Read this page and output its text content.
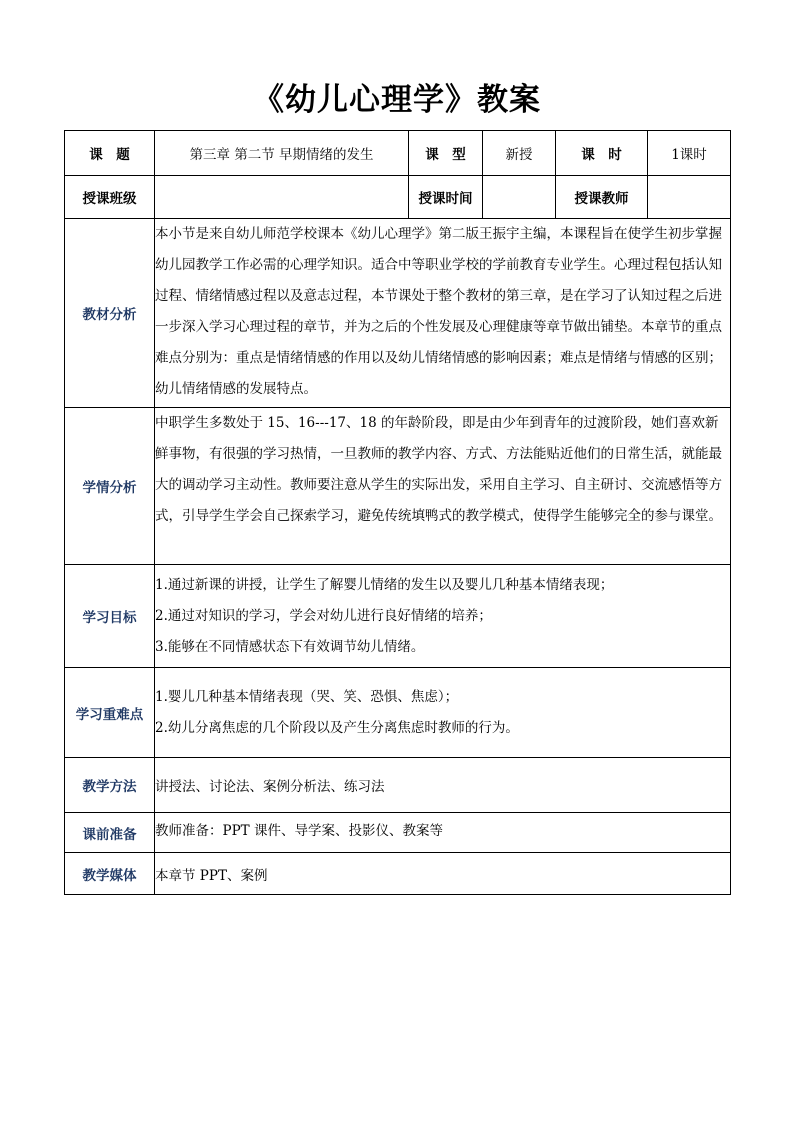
《幼儿心理学》教案
课　题	第三章 第二节 早期情绪的发生	课　型	新授	课　时	1课时
授课班级		授课时间		授课教师	
教材分析	本小节是来自幼儿师范学校课本《幼儿心理学》第二版王振宇主编，本课程旨在使学生初步掌握幼儿园教学工作必需的心理学知识。适合中等职业学校的学前教育专业学生。心理过程包括认知过程、情绪情感过程以及意志过程，本节课处于整个教材的第三章，是在学习了认知过程之后进一步深入学习心理过程的章节，并为之后的个性发展及心理健康等章节做出铺垫。本章节的重点难点分别为：重点是情绪情感的作用以及幼儿情绪情感的影响因素；难点是情绪与情感的区别；幼儿情绪情感的发展特点。				
学情分析	中职学生多数处于 15、16---17、18 的年龄阶段，即是由少年到青年的过渡阶段，她们喜欢新鲜事物，有很强的学习热情，一旦教师的教学内容、方式、方法能贴近他们的日常生活，就能最大的调动学习主动性。教师要注意从学生的实际出发，采用自主学习、自主研讨、交流感悟等方式，引导学生学会自己探索学习，避免传统填鸭式的教学模式，使得学生能够完全的参与课堂。				
学习目标	1.通过新课的讲授，让学生了解婴儿情绪的发生以及婴儿几种基本情绪表现；
2.通过对知识的学习，学会对幼儿进行良好情绪的培养；
3.能够在不同情感状态下有效调节幼儿情绪。				

学习重难点	1.婴儿几种基本情绪表现（哭、笑、恐惧、焦虑）；
2.幼儿分离焦虑的几个阶段以及产生分离焦虑时教师的行为。				

教学方法	讲授法、讨论法、案例分析法、练习法				
课前准备	教师准备：PPT 课件、导学案、投影仪、教案等				
教学媒体	本章节 PPT、案例				
